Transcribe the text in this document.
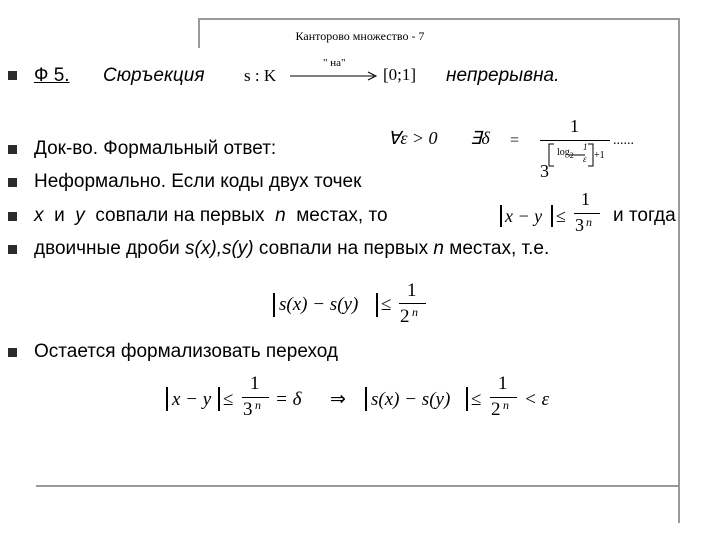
Канторово множество - 7
Ф 5. Сюръекция s : K
" на"
[0;1] непрерывна.
Док-во. Формальный ответ:	∀ε > 0 ∃δ =
1
3
$\log_2$
1
ε +1
......
Неформально. Если коды двух точек
x и y совпали на первых n местах, то	x − y ≤
1
3 n и тогда
двоичные дроби s(x),s(y) совпали на первых n местах, т.е.
s(x) − s(y) ≤
1
2 n
Остается формализовать переход
x − y ≤
1
3 n = δ ⇒ s(x) − s(y) ≤
1
2 n < ε
